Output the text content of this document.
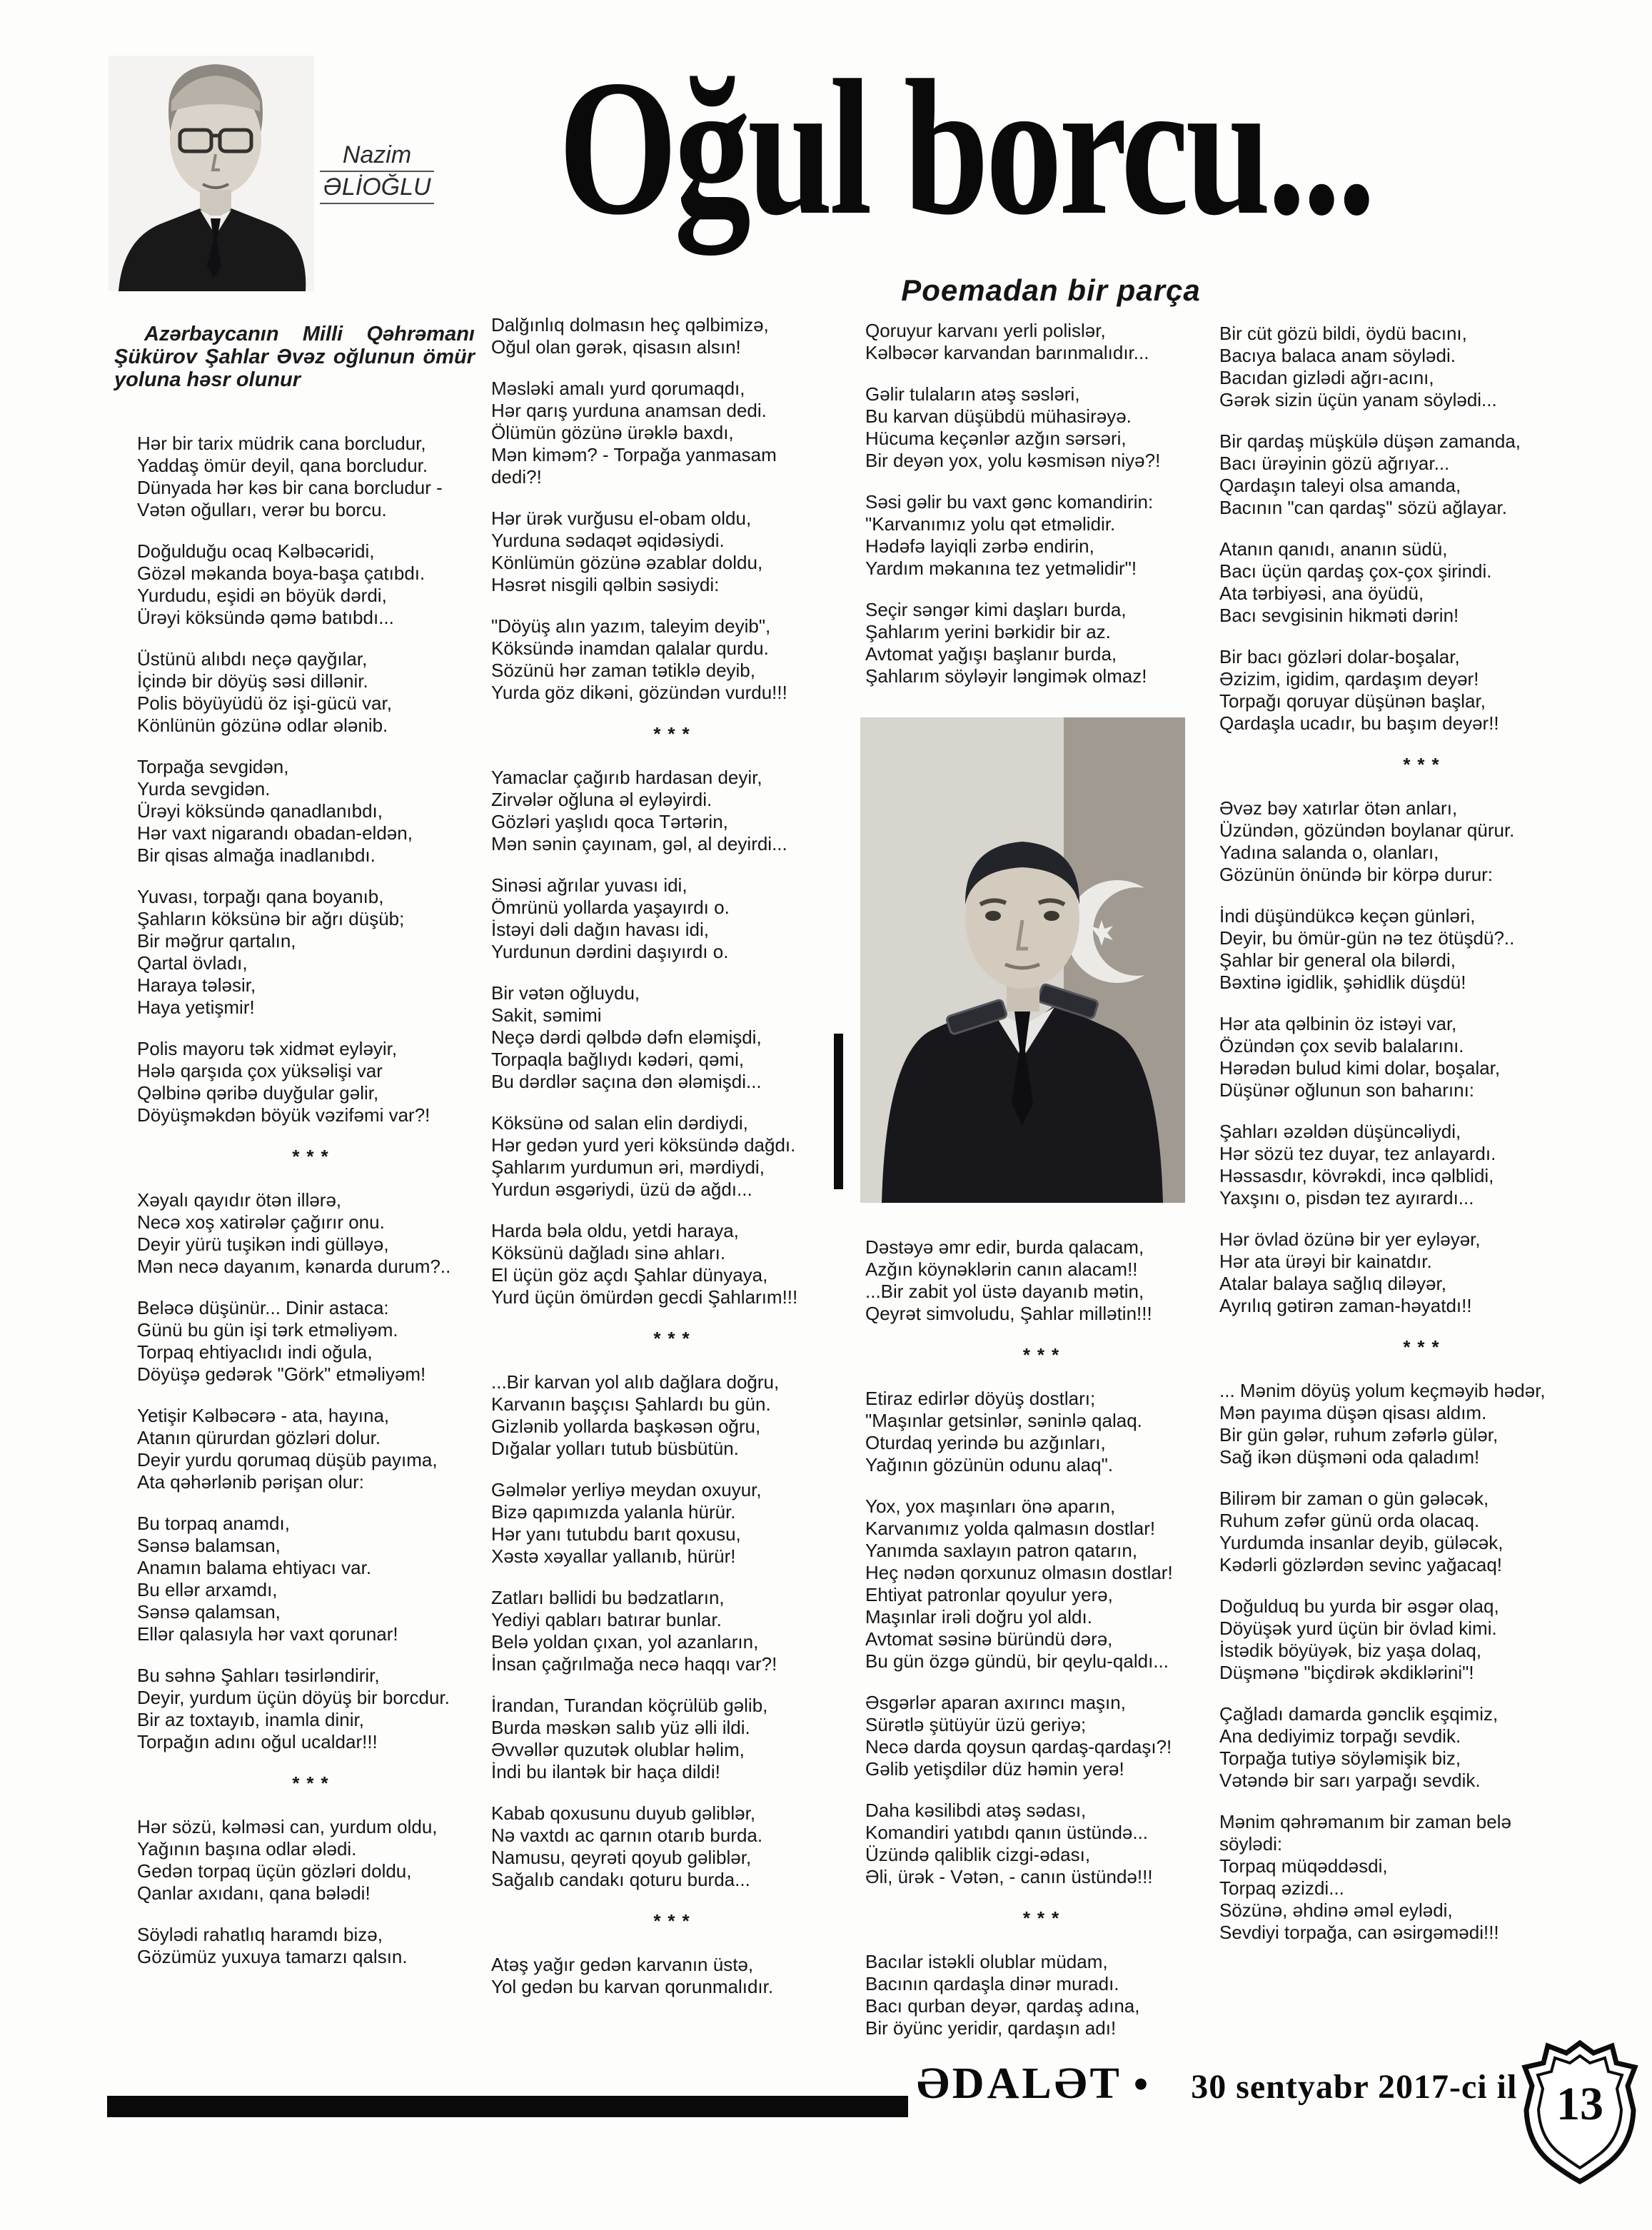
Nazim
ƏLİOĞLU Oğul borcu...
Poemadan bir parça
Azərbaycanın Milli Qəhrəmanı Şükürov Şahlar Əvəz oğlunun ömür yoluna həsr olunur

Hər bir tarix müdrik cana borcludur,
Yaddaş ömür deyil, qana borcludur.
Dünyada hər kəs bir cana borcludur -
Vətən oğulları, verər bu borcu.

Doğulduğu ocaq Kəlbəcəridi,
Gözəl məkanda boya-başa çatıbdı.
Yurdudu, eşidi ən böyük dərdi,
Ürəyi köksündə qəmə batıbdı...

Üstünü alıbdı neçə qayğılar,
İçində bir döyüş səsi dillənir.
Polis böyüyüdü öz işi-gücü var,
Könlünün gözünə odlar ələnib.

Torpağa sevgidən,
Yurda sevgidən.
Ürəyi köksündə qanadlanıbdı,
Hər vaxt nigarandı obadan-eldən,
Bir qisas almağa inadlanıbdı.

Yuvası, torpağı qana boyanıb,
Şahların köksünə bir ağrı düşüb;
Bir məğrur qartalın,
Qartal övladı,
Haraya tələsir,
Haya yetişmir!

Polis mayoru tək xidmət eyləyir,
Hələ qarşıda çox yüksəlişi var
Qəlbinə qəribə duyğular gəlir,
Döyüşməkdən böyük vəzifəmi var?!

***

Xəyalı qayıdır ötən illərə,
Necə xoş xatirələr çağırır onu.
Deyir yürü tuşikən indi gülləyə,
Mən necə dayanım, kənarda durum?..

Beləcə düşünür... Dinir astaca:
Günü bu gün işi tərk etməliyəm.
Torpaq ehtiyaclıdı indi oğula,
Döyüşə gedərək "Görk" etməliyəm!

Yetişir Kəlbəcərə - ata, hayına,
Atanın qürurdan gözləri dolur.
Deyir yurdu qorumaq düşüb payıma,
Ata qəhərlənib pərişan olur:

Bu torpaq anamdı,
Sənsə balamsan,
Anamın balama ehtiyacı var.
Bu ellər arxamdı,
Sənsə qalamsan,
Ellər qalasıyla hər vaxt qorunar!

Bu səhnə Şahları təsirləndirir,
Deyir, yurdum üçün döyüş bir borcdur.
Bir az toxtayıb, inamla dinir,
Torpağın adını oğul ucaldar!!!

***

Hər sözü, kəlməsi can, yurdum oldu,
Yağının başına odlar ələdi.
Gedən torpaq üçün gözləri doldu,
Qanlar axıdanı, qana bələdi!

Söylədi rahatlıq haramdı bizə,
Gözümüz yuxuya tamarzı qalsın.

Dalğınlıq dolmasın heç qəlbimizə,
Oğul olan gərək, qisasın alsın!

Məsləki amalı yurd qorumaqdı,
Hər qarış yurduna anamsan dedi.
Ölümün gözünə ürəklə baxdı,
Mən kiməm? - Torpağa yanmasam
dedi?!

Hər ürək vurğusu el-obam oldu,
Yurduna sədaqət əqidəsiydi.
Könlümün gözünə əzablar doldu,
Həsrət nisgili qəlbin səsiydi:

"Döyüş alın yazım, taleyim deyib",
Köksündə inamdan qalalar qurdu.
Sözünü hər zaman tətiklə deyib,
Yurda göz dikəni, gözündən vurdu!!!

***

Yamaclar çağırıb hardasan deyir,
Zirvələr oğluna əl eyləyirdi.
Gözləri yaşlıdı qoca Tərtərin,
Mən sənin çayınam, gəl, al deyirdi...

Sinəsi ağrılar yuvası idi,
Ömrünü yollarda yaşayırdı o.
İstəyi dəli dağın havası idi,
Yurdunun dərdini daşıyırdı o.

Bir vətən oğluydu,
Sakit, səmimi
Neçə dərdi qəlbdə dəfn eləmişdi,
Torpaqla bağlıydı kədəri, qəmi,
Bu dərdlər saçına dən ələmişdi...

Köksünə od salan elin dərdiydi,
Hər gedən yurd yeri köksündə dağdı.
Şahlarım yurdumun əri, mərdiydi,
Yurdun əsgəriydi, üzü də ağdı...

Harda bəla oldu, yetdi haraya,
Köksünü dağladı sinə ahları.
El üçün göz açdı Şahlar dünyaya,
Yurd üçün ömürdən gecdi Şahlarım!!!

***

...Bir karvan yol alıb dağlara doğru,
Karvanın başçısı Şahlardı bu gün.
Gizlənib yollarda başkəsən oğru,
Dığalar yolları tutub büsbütün.

Gəlmələr yerliyə meydan oxuyur,
Bizə qapımızda yalanla hürür.
Hər yanı tutubdu barıt qoxusu,
Xəstə xəyallar yallanıb, hürür!

Zatları bəllidi bu bədzatların,
Yediyi qabları batırar bunlar.
Belə yoldan çıxan, yol azanların,
İnsan çağrılmağa necə haqqı var?!

İrandan, Turandan köçrülüb gəlib,
Burda məskən salıb yüz əlli ildi.
Əvvəllər quzutək olublar həlim,
İndi bu ilantək bir haça dildi!

Kabab qoxusunu duyub gəliblər,
Nə vaxtdı ac qarnın otarıb burda.
Namusu, qeyrəti qoyub gəliblər,
Sağalıb candakı qoturu burda...

***

Atəş yağır gedən karvanın üstə,
Yol gedən bu karvan qorunmalıdır.

Qoruyur karvanı yerli polislər,
Kəlbəcər karvandan barınmalıdır...

Gəlir tulaların atəş səsləri,
Bu karvan düşübdü mühasirəyə.
Hücuma keçənlər azğın sərsəri,
Bir deyən yox, yolu kəsmisən niyə?!

Səsi gəlir bu vaxt gənc komandirin:
"Karvanımız yolu qət etməlidir.
Hədəfə layiqli zərbə endirin,
Yardım məkanına tez yetməlidir"!

Seçir səngər kimi daşları burda,
Şahlarım yerini bərkidir bir az.
Avtomat yağışı başlanır burda,
Şahlarım söyləyir ləngimək olmaz!

Dəstəyə əmr edir, burda qalacam,
Azğın köynəklərin canın alacam!!
...Bir zabit yol üstə dayanıb mətin,
Qeyrət simvoludu, Şahlar millətin!!!

***

Etiraz edirlər döyüş dostları;
"Maşınlar getsinlər, səninlə qalaq.
Oturdaq yerində bu azğınları,
Yağının gözünün odunu alaq".

Yox, yox maşınları önə aparın,
Karvanımız yolda qalmasın dostlar!
Yanımda saxlayın patron qatarın,
Heç nədən qorxunuz olmasın dostlar!
Ehtiyat patronlar qoyulur yerə,
Maşınlar irəli doğru yol aldı.
Avtomat səsinə büründü dərə,
Bu gün özgə gündü, bir qeylu-qaldı...

Əsgərlər aparan axırıncı maşın,
Sürətlə şütüyür üzü geriyə;
Necə darda qoysun qardaş-qardaşı?!
Gəlib yetişdilər düz həmin yerə!

Daha kəsilibdi atəş sədası,
Komandiri yatıbdı qanın üstündə...
Üzündə qaliblik cizgi-ədası,
Əli, ürək - Vətən, - canın üstündə!!!

***

Bacılar istəkli olublar müdam,
Bacının qardaşla dinər muradı.
Bacı qurban deyər, qardaş adına,
Bir öyünc yeridir, qardaşın adı!

Bir cüt gözü bildi, öydü bacını,
Bacıya balaca anam söylədi.
Bacıdan gizlədi ağrı-acını,
Gərək sizin üçün yanam söylədi...

Bir qardaş müşkülə düşən zamanda,
Bacı ürəyinin gözü ağrıyar...
Qardaşın taleyi olsa amanda,
Bacının "can qardaş" sözü ağlayar.

Atanın qanıdı, ananın südü,
Bacı üçün qardaş çox-çox şirindi.
Ata tərbiyəsi, ana öyüdü,
Bacı sevgisinin hikməti dərin!

Bir bacı gözləri dolar-boşalar,
Əzizim, igidim, qardaşım deyər!
Torpağı qoruyar düşünən başlar,
Qardaşla ucadır, bu başım deyər!!

***

Əvəz bəy xatırlar ötən anları,
Üzündən, gözündən boylanar qürur.
Yadına salanda o, olanları,
Gözünün önündə bir körpə durur:

İndi düşündükcə keçən günləri,
Deyir, bu ömür-gün nə tez ötüşdü?..
Şahlar bir general ola bilərdi,
Bəxtinə igidlik, şəhidlik düşdü!

Hər ata qəlbinin öz istəyi var,
Özündən çox sevib balalarını.
Hərədən bulud kimi dolar, boşalar,
Düşünər oğlunun son baharını:

Şahları əzəldən düşüncəliydi,
Hər sözü tez duyar, tez anlayardı.
Həssasdır, kövrəkdi, incə qəlblidi,
Yaxşını o, pisdən tez ayırardı...

Hər övlad özünə bir yer eyləyər,
Hər ata ürəyi bir kainatdır.
Atalar balaya sağlıq diləyər,
Ayrılıq gətirən zaman-həyatdı!!

***

... Mənim döyüş yolum keçməyib hədər,
Mən payıma düşən qisası aldım.
Bir gün gələr, ruhum zəfərlə gülər,
Sağ ikən düşməni oda qaladım!

Bilirəm bir zaman o gün gələcək,
Ruhum zəfər günü orda olacaq.
Yurdumda insanlar deyib, güləcək,
Kədərli gözlərdən sevinc yağacaq!

Doğulduq bu yurda bir əsgər olaq,
Döyüşək yurd üçün bir övlad kimi.
İstədik böyüyək, biz yaşa dolaq,
Düşmənə "biçdirək əkdiklərini"!

Çağladı damarda gənclik eşqimiz,
Ana dediyimiz torpağı sevdik.
Torpağa tutiyə söyləmişik biz,
Vətəndə bir sarı yarpağı sevdik.

Mənim qəhrəmanım bir zaman belə
söylədi:
Torpaq müqəddəsdi,
Torpaq əzizdi...
Sözünə, əhdinə əməl eylədi,
Sevdiyi torpağa, can əsirgəmədi!!!

ƏDALƏT • 30 sentyabr 2017-ci il 13
